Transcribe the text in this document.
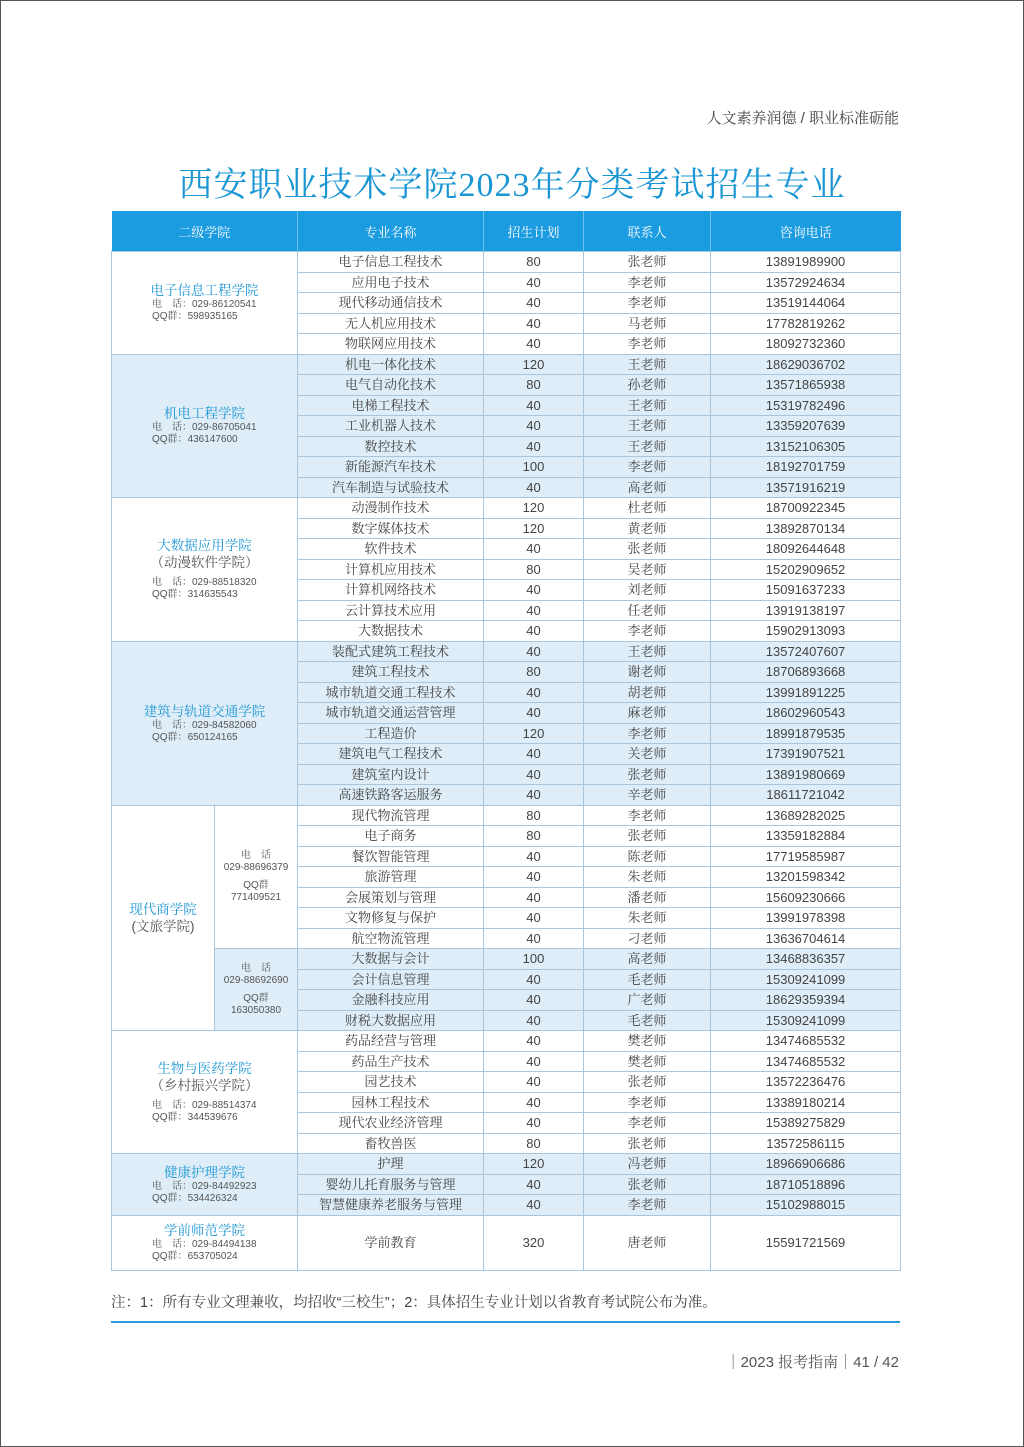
人文素养润德 / 职业标准砺能
西安职业技术学院2023年分类考试招生专业
二级学院		专业名称	招生计划	联系人	咨询电话

电子信息工程学院
电　话：029-86120541
QQ群：598935165		电子信息工程技术	80	张老师	13891989900
		应用电子技术	40	李老师	13572924634
		现代移动通信技术	40	李老师	13519144064
		无人机应用技术	40	马老师	17782819262
		物联网应用技术	40	李老师	18092732360

机电工程学院
电　话：029-86705041
QQ群：436147600		机电一体化技术	120	王老师	18629036702
		电气自动化技术	80	孙老师	13571865938
		电梯工程技术	40	王老师	15319782496
		工业机器人技术	40	王老师	13359207639
		数控技术	40	王老师	13152106305
		新能源汽车技术	100	李老师	18192701759
		汽车制造与试验技术	40	高老师	13571916219

大数据应用学院
（动漫软件学院）
电　话：029-88518320
QQ群：314635543		动漫制作技术	120	杜老师	18700922345
		数字媒体技术	120	黄老师	13892870134
		软件技术	40	张老师	18092644648
		计算机应用技术	80	吴老师	15202909652
		计算机网络技术	40	刘老师	15091637233
		云计算技术应用	40	任老师	13919138197
		大数据技术	40	李老师	15902913093

建筑与轨道交通学院
电　话：029-84582060
QQ群：650124165		装配式建筑工程技术	40	王老师	13572407607
		建筑工程技术	80	谢老师	18706893668
		城市轨道交通工程技术	40	胡老师	13991891225
		城市轨道交通运营管理	40	麻老师	18602960543
		工程造价	120	李老师	18991879535
		建筑电气工程技术	40	关老师	17391907521
		建筑室内设计	40	张老师	13891980669
		高速铁路客运服务	40	辛老师	18611721042

现代商学院
(文旅学院)	电　话
029-88696379

QQ群
771409521	现代物流管理	80	李老师	13689282025
		电子商务	80	张老师	13359182884
		餐饮智能管理	40	陈老师	17719585987
		旅游管理	40	朱老师	13201598342
		会展策划与管理	40	潘老师	15609230666
		文物修复与保护	40	朱老师	13991978398
		航空物流管理	40	刁老师	13636704614
	电　话
029-88692690

QQ群
163050380	大数据与会计	100	高老师	13468836357
		会计信息管理	40	毛老师	15309241099
		金融科技应用	40	广老师	18629359394
		财税大数据应用	40	毛老师	15309241099

生物与医药学院
（乡村振兴学院）
电　话：029-88514374
QQ群：344539676		药品经营与管理	40	樊老师	13474685532
		药品生产技术	40	樊老师	13474685532
		园艺技术	40	张老师	13572236476
		园林工程技术	40	李老师	13389180214
		现代农业经济管理	40	李老师	15389275829
		畜牧兽医	80	张老师	13572586115

健康护理学院
电　话：029-84492923
QQ群：534426324		护理	120	冯老师	18966906686
		婴幼儿托育服务与管理	40	张老师	18710518896
		智慧健康养老服务与管理	40	李老师	15102988015

学前师范学院
电　话：029-84494138
QQ群：653705024		学前教育	320	唐老师	15591721569
注：1：所有专业文理兼收，均招收“三校生”；2：具体招生专业计划以省教育考试院公布为准。
｜2023 报考指南｜41 / 42
